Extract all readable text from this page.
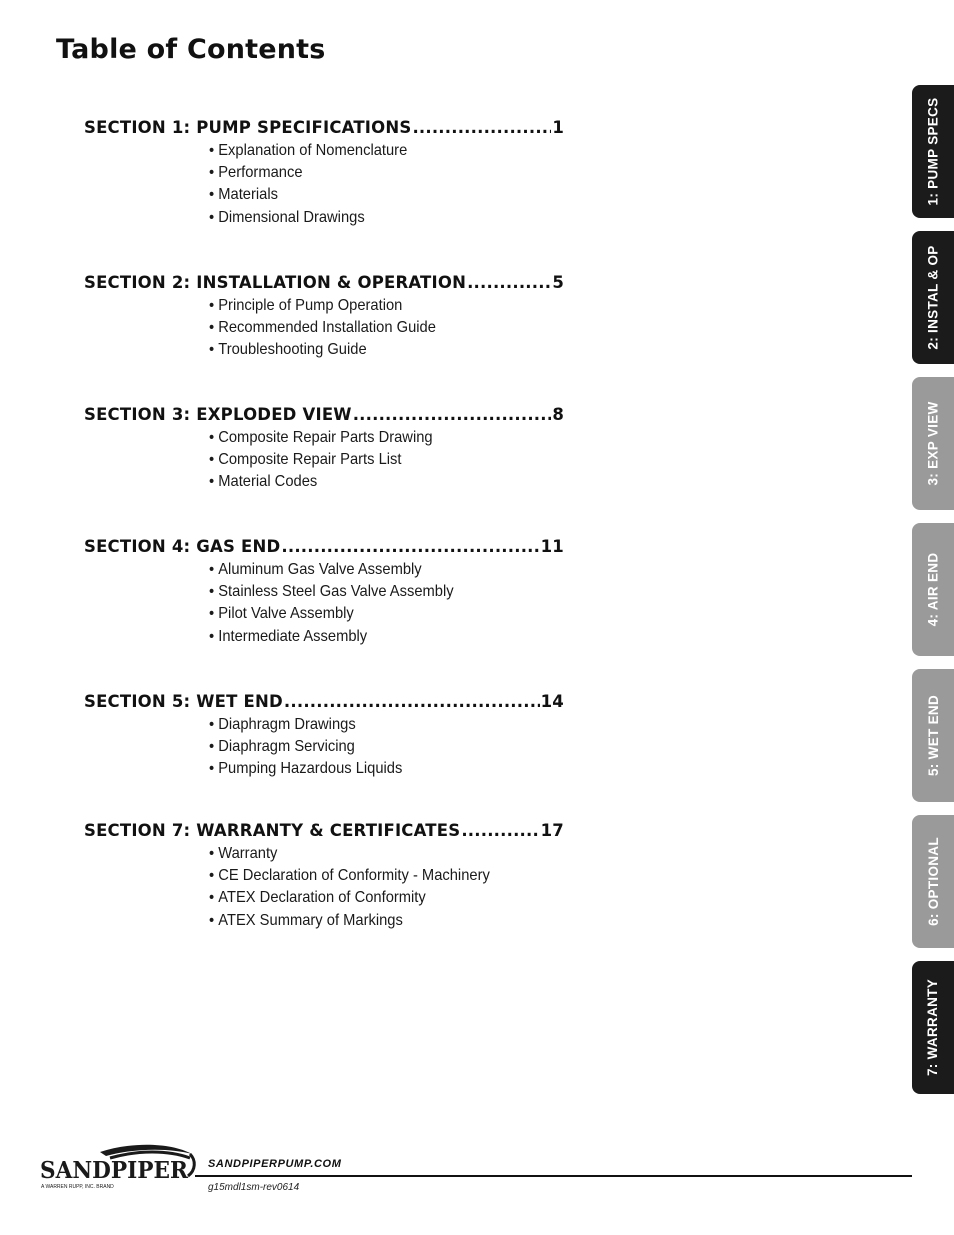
Table of Contents
SECTION 1: PUMP SPECIFICATIONS .....	1
• Explanation of Nomenclature
• Performance
• Materials
• Dimensional Drawings
SECTION 2: INSTALLATION & OPERATION .....	5
• Principle of Pump Operation
• Recommended Installation Guide
• Troubleshooting Guide
SECTION 3: EXPLODED VIEW .....	8
• Composite Repair Parts Drawing
• Composite Repair Parts List
• Material Codes
SECTION 4: GAS END .....	11
• Aluminum Gas Valve Assembly
• Stainless Steel Gas Valve Assembly
• Pilot Valve Assembly
• Intermediate Assembly
SECTION 5: WET END .....	14
• Diaphragm Drawings
• Diaphragm Servicing
• Pumping Hazardous Liquids
SECTION 7: WARRANTY & CERTIFICATES .....	17
• Warranty
• CE Declaration of Conformity - Machinery
• ATEX Declaration of Conformity
• ATEX Summary of Markings
1: PUMP SPECS
2: INSTAL & OP
3: EXP VIEW
4: AIR END
5: WET END
6: OPTIONAL
7: WARRANTY
SANDPIPER
A WARREN RUPP, INC. BRAND
SANDPIPERPUMP.COM
g15mdl1sm-rev0614
